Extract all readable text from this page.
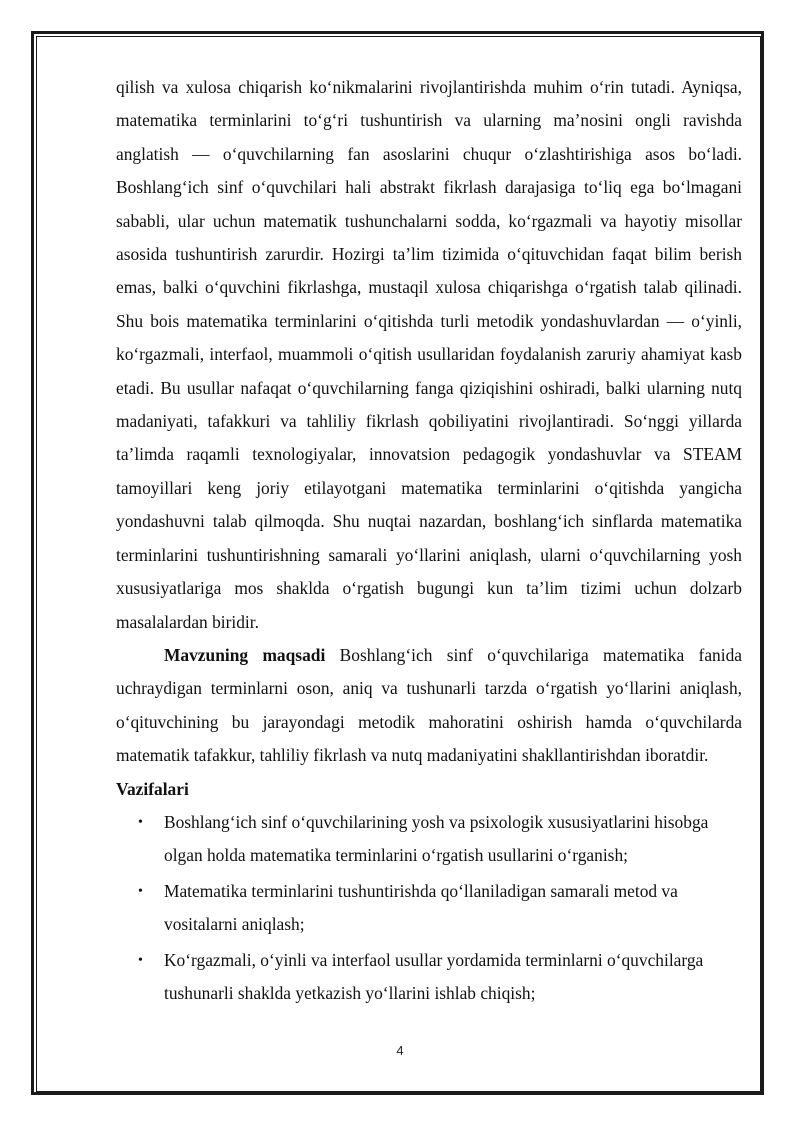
qilish va xulosa chiqarish ko‘nikmalarini rivojlantirishda muhim o‘rin tutadi. Ayniqsa, matematika terminlarini to‘g‘ri tushuntirish va ularning ma’nosini ongli ravishda anglatish — o‘quvchilarning fan asoslarini chuqur o‘zlashtirishiga asos bo‘ladi. Boshlang‘ich sinf o‘quvchilari hali abstrakt fikrlash darajasiga to‘liq ega bo‘lmagani sababli, ular uchun matematik tushunchalarni sodda, ko‘rgazmali va hayotiy misollar asosida tushuntirish zarurdir. Hozirgi ta’lim tizimida o‘qituvchidan faqat bilim berish emas, balki o‘quvchini fikrlashga, mustaqil xulosa chiqarishga o‘rgatish talab qilinadi. Shu bois matematika terminlarini o‘qitishda turli metodik yondashuvlardan — o‘yinli, ko‘rgazmali, interfaol, muammoli o‘qitish usullaridan foydalanish zaruriy ahamiyat kasb etadi. Bu usullar nafaqat o‘quvchilarning fanga qiziqishini oshiradi, balki ularning nutq madaniyati, tafakkuri va tahliliy fikrlash qobiliyatini rivojlantiradi. So‘nggi yillarda ta’limda raqamli texnologiyalar, innovatsion pedagogik yondashuvlar va STEAM tamoyillari keng joriy etilayotgani matematika terminlarini o‘qitishda yangicha yondashuvni talab qilmoqda. Shu nuqtai nazardan, boshlang‘ich sinflarda matematika terminlarini tushuntirishning samarali yo‘llarini aniqlash, ularni o‘quvchilarning yosh xususiyatlariga mos shaklda o‘rgatish bugungi kun ta’lim tizimi uchun dolzarb masalalardan biridir.

Mavzuning maqsadi Boshlang‘ich sinf o‘quvchilariga matematika fanida uchraydigan terminlarni oson, aniq va tushunarli tarzda o‘rgatish yo‘llarini aniqlash, o‘qituvchining bu jarayondagi metodik mahoratini oshirish hamda o‘quvchilarda matematik tafakkur, tahliliy fikrlash va nutq madaniyatini shakllantirishdan iboratdir.

Vazifalari

• Boshlang‘ich sinf o‘quvchilarining yosh va psixologik xususiyatlarini hisobga olgan holda matematika terminlarini o‘rgatish usullarini o‘rganish;
• Matematika terminlarini tushuntirishda qo‘llaniladigan samarali metod va vositalarni aniqlash;
• Ko‘rgazmali, o‘yinli va interfaol usullar yordamida terminlarni o‘quvchilarga tushunarli shaklda yetkazish yo‘llarini ishlab chiqish;
4
